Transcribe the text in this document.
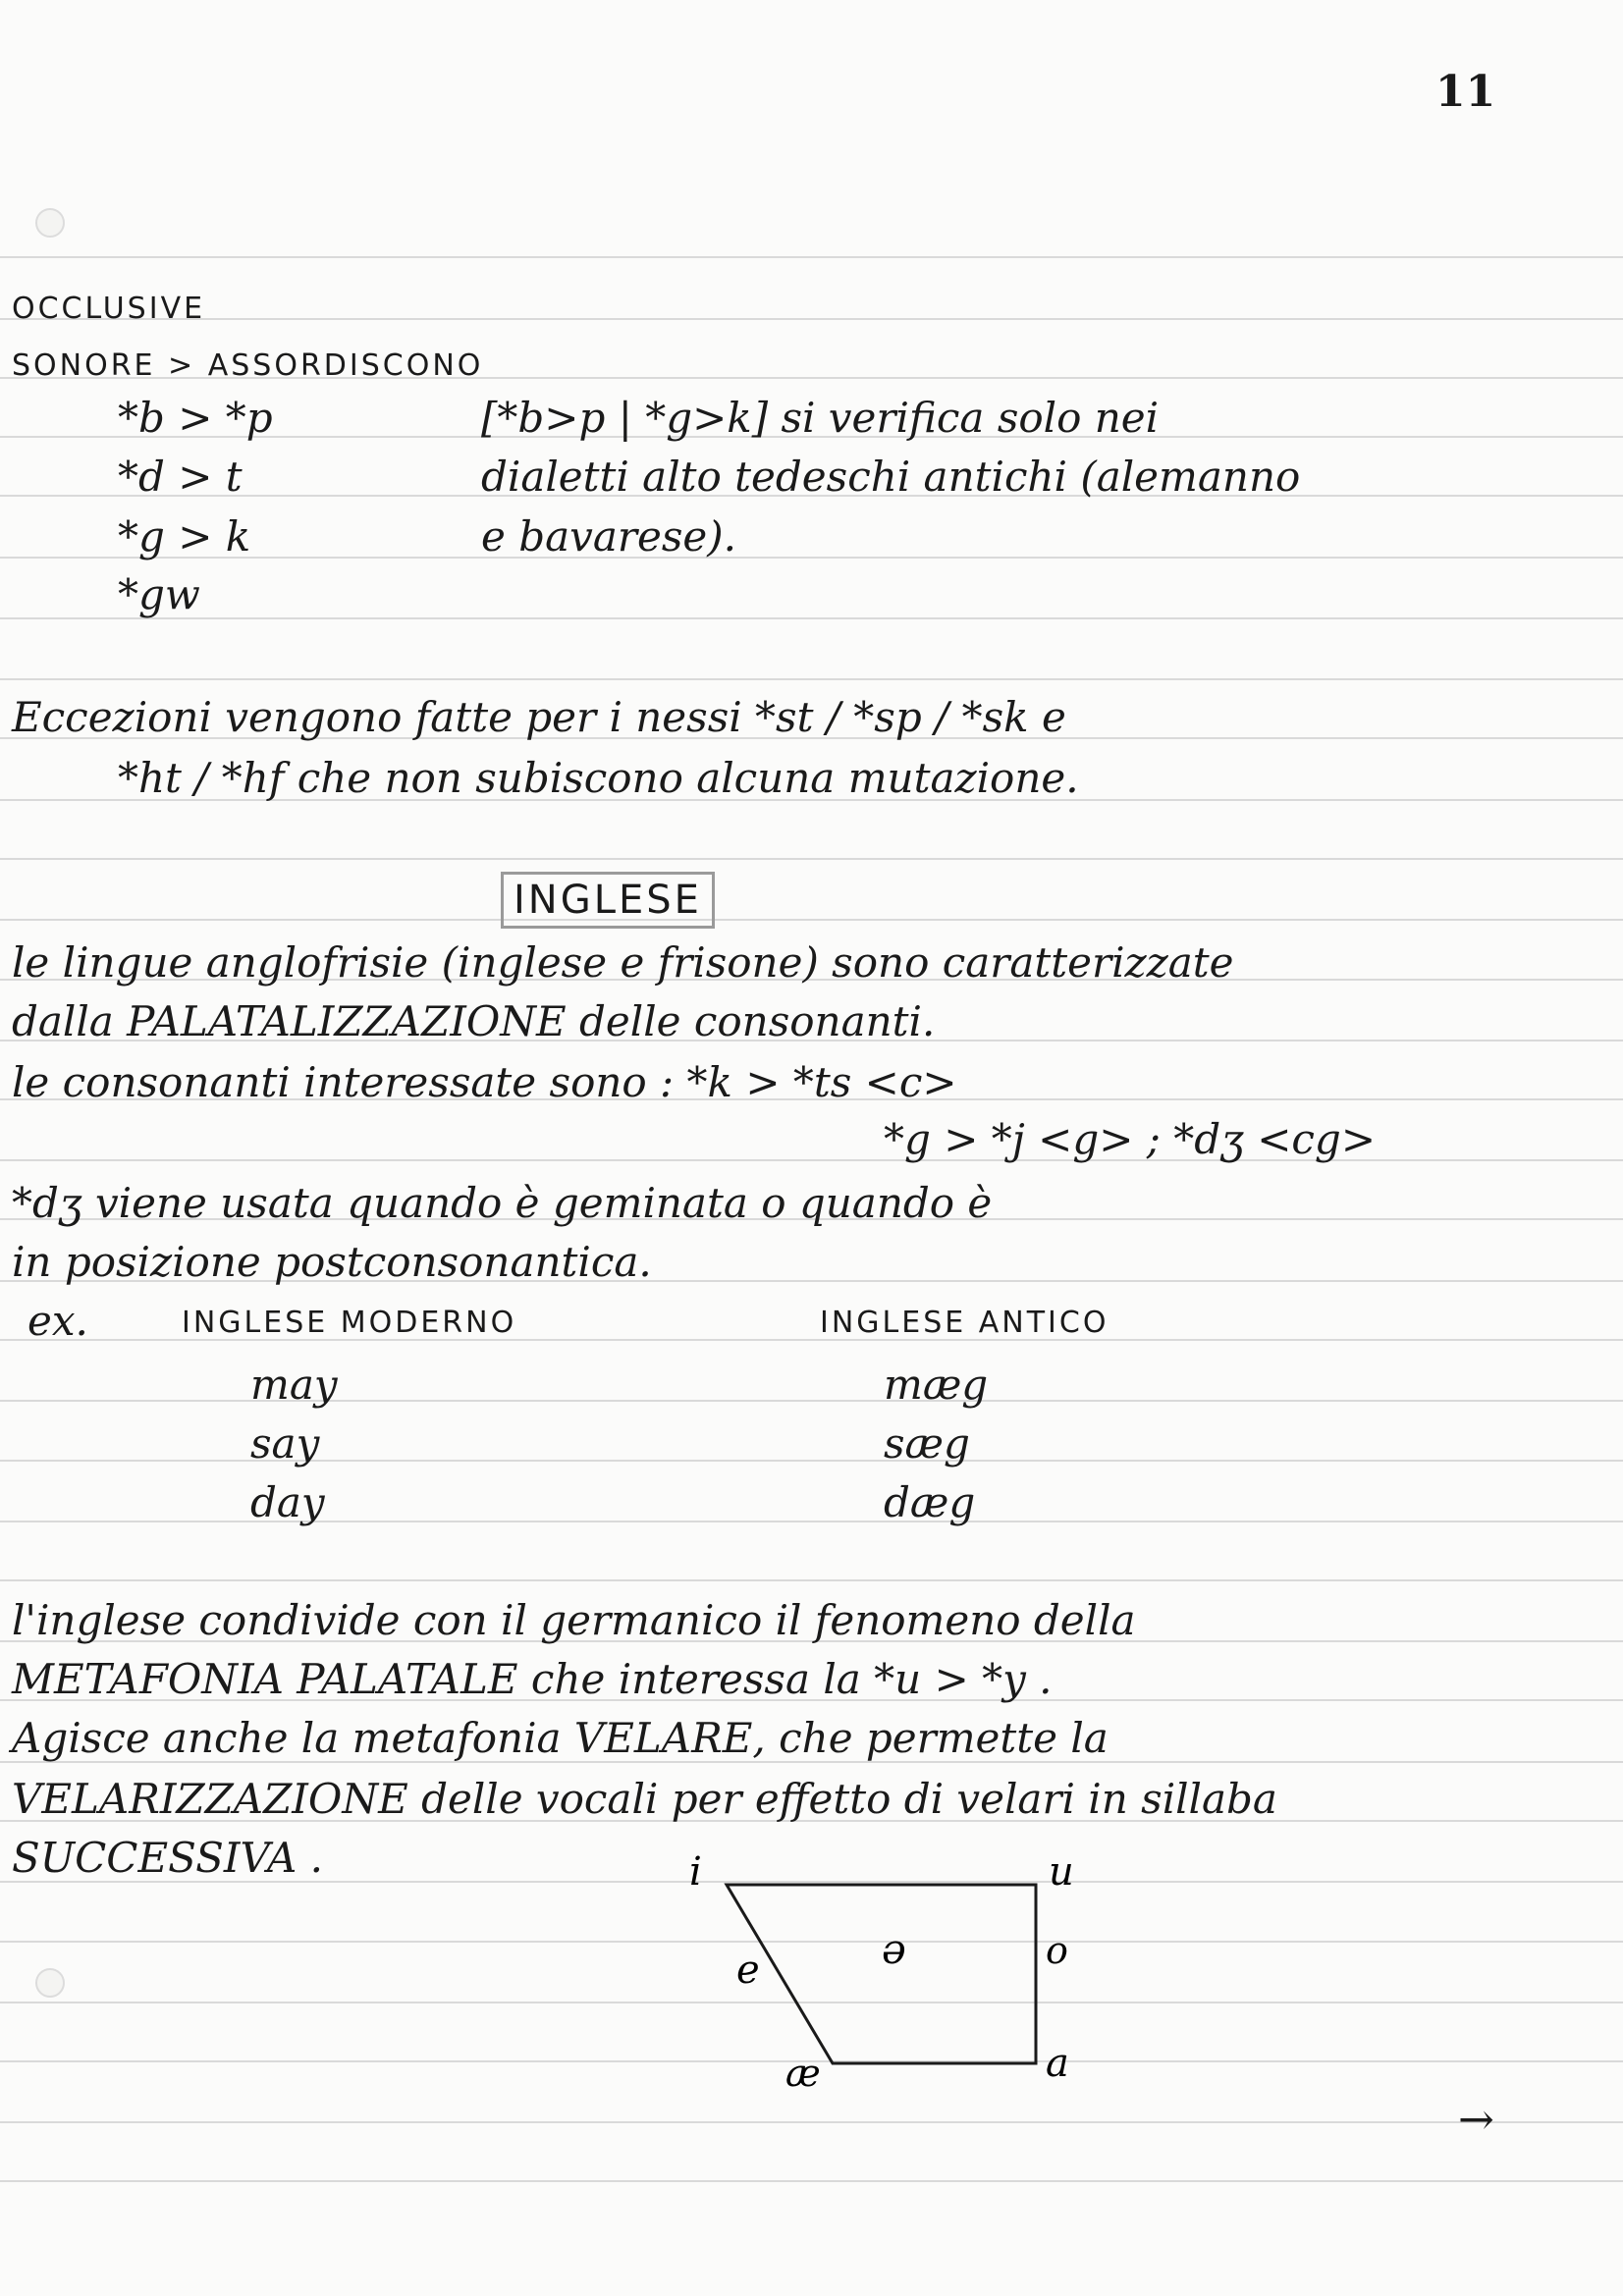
11
OCCLUSIVE
SONORE > ASSORDISCONO
*b > *p
*d > t
*g > k
*gw
[*b>p | *g>k] si verifica solo nei
dialetti alto tedeschi antichi (alemanno
e bavarese).
Eccezioni vengono fatte per i nessi *st / *sp / *sk e
*ht / *hf che non subiscono alcuna mutazione.
INGLESE
le lingue anglofrisie (inglese e frisone) sono caratterizzate
dalla PALATALIZZAZIONE delle consonanti.
le consonanti interessate sono : *k > *ts <c>
*g > *j <g> ; *dʒ <cg>
*dʒ viene usata quando è geminata o quando è
in posizione postconsonantica.
ex.	INGLESE MODERNO	INGLESE ANTICO
may	mæg
say	sæg
day	dæg
l'inglese condivide con il germanico il fenomeno della
METAFONIA PALATALE che interessa la *u > *y .
Agisce anche la metafonia VELARE, che permette la
VELARIZZAZIONE delle vocali per effetto di velari in sillaba
SUCCESSIVA .	i	u
e	ə	o
æ	a
→
